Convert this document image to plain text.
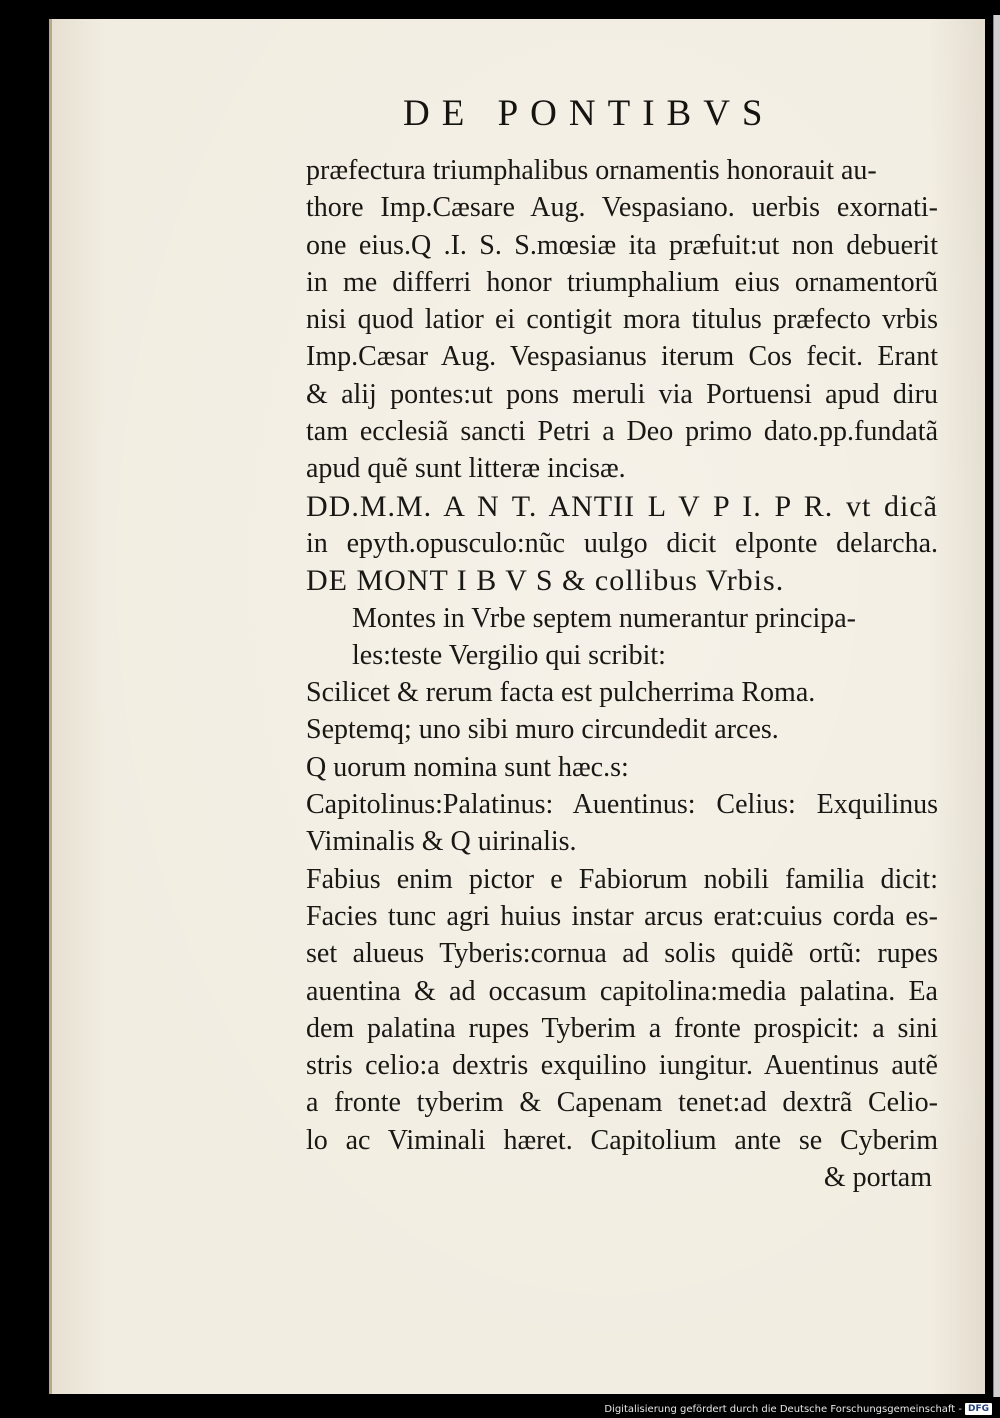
DE PONTIBVS
præfectura triumphalibus ornamentis honorauit au-
thore Imp.Cæsare Aug. Vespasiano. uerbis exornati-
one eius.Q .I. S. S.mœsiæ ita præfuit:ut non debuerit
in me differri honor triumphalium eius ornamentorũ
nisi quod latior ei contigit mora titulus præfecto vrbis
Imp.Cæsar Aug. Vespasianus iterum Cos fecit. Erant
& alij pontes:ut pons meruli via Portuensi apud diru
tam ecclesiã sancti Petri a Deo primo dato.pp.fundatã
apud quẽ sunt litteræ incisæ.
DD.M.M. A N T. ANTII L V P I. P R. vt dicã
in epyth.opusculo:nũc uulgo dicit elponte delarcha.
DE MONT I B V S & collibus Vrbis.
Montes in Vrbe septem numerantur principa-
les:teste Vergilio qui scribit:
Scilicet & rerum facta est pulcherrima Roma.
Septemq; uno sibi muro circundedit arces.
Q uorum nomina sunt hæc.s:
Capitolinus:Palatinus: Auentinus: Celius: Exquilinus
Viminalis & Q uirinalis.
Fabius enim pictor e Fabiorum nobili familia dicit:
Facies tunc agri huius instar arcus erat:cuius corda es-
set alueus Tyberis:cornua ad solis quidẽ ortũ: rupes
auentina & ad occasum capitolina:media palatina. Ea
dem palatina rupes Tyberim a fronte prospicit: a sini
stris celio:a dextris exquilino iungitur. Auentinus autẽ
a fronte tyberim & Capenam tenet:ad dextrã Celio-
lo ac Viminali hæret. Capitolium ante se Cyberim
& portam
Digitalisierung gefördert durch die Deutsche Forschungsgemeinschaft - DFG
